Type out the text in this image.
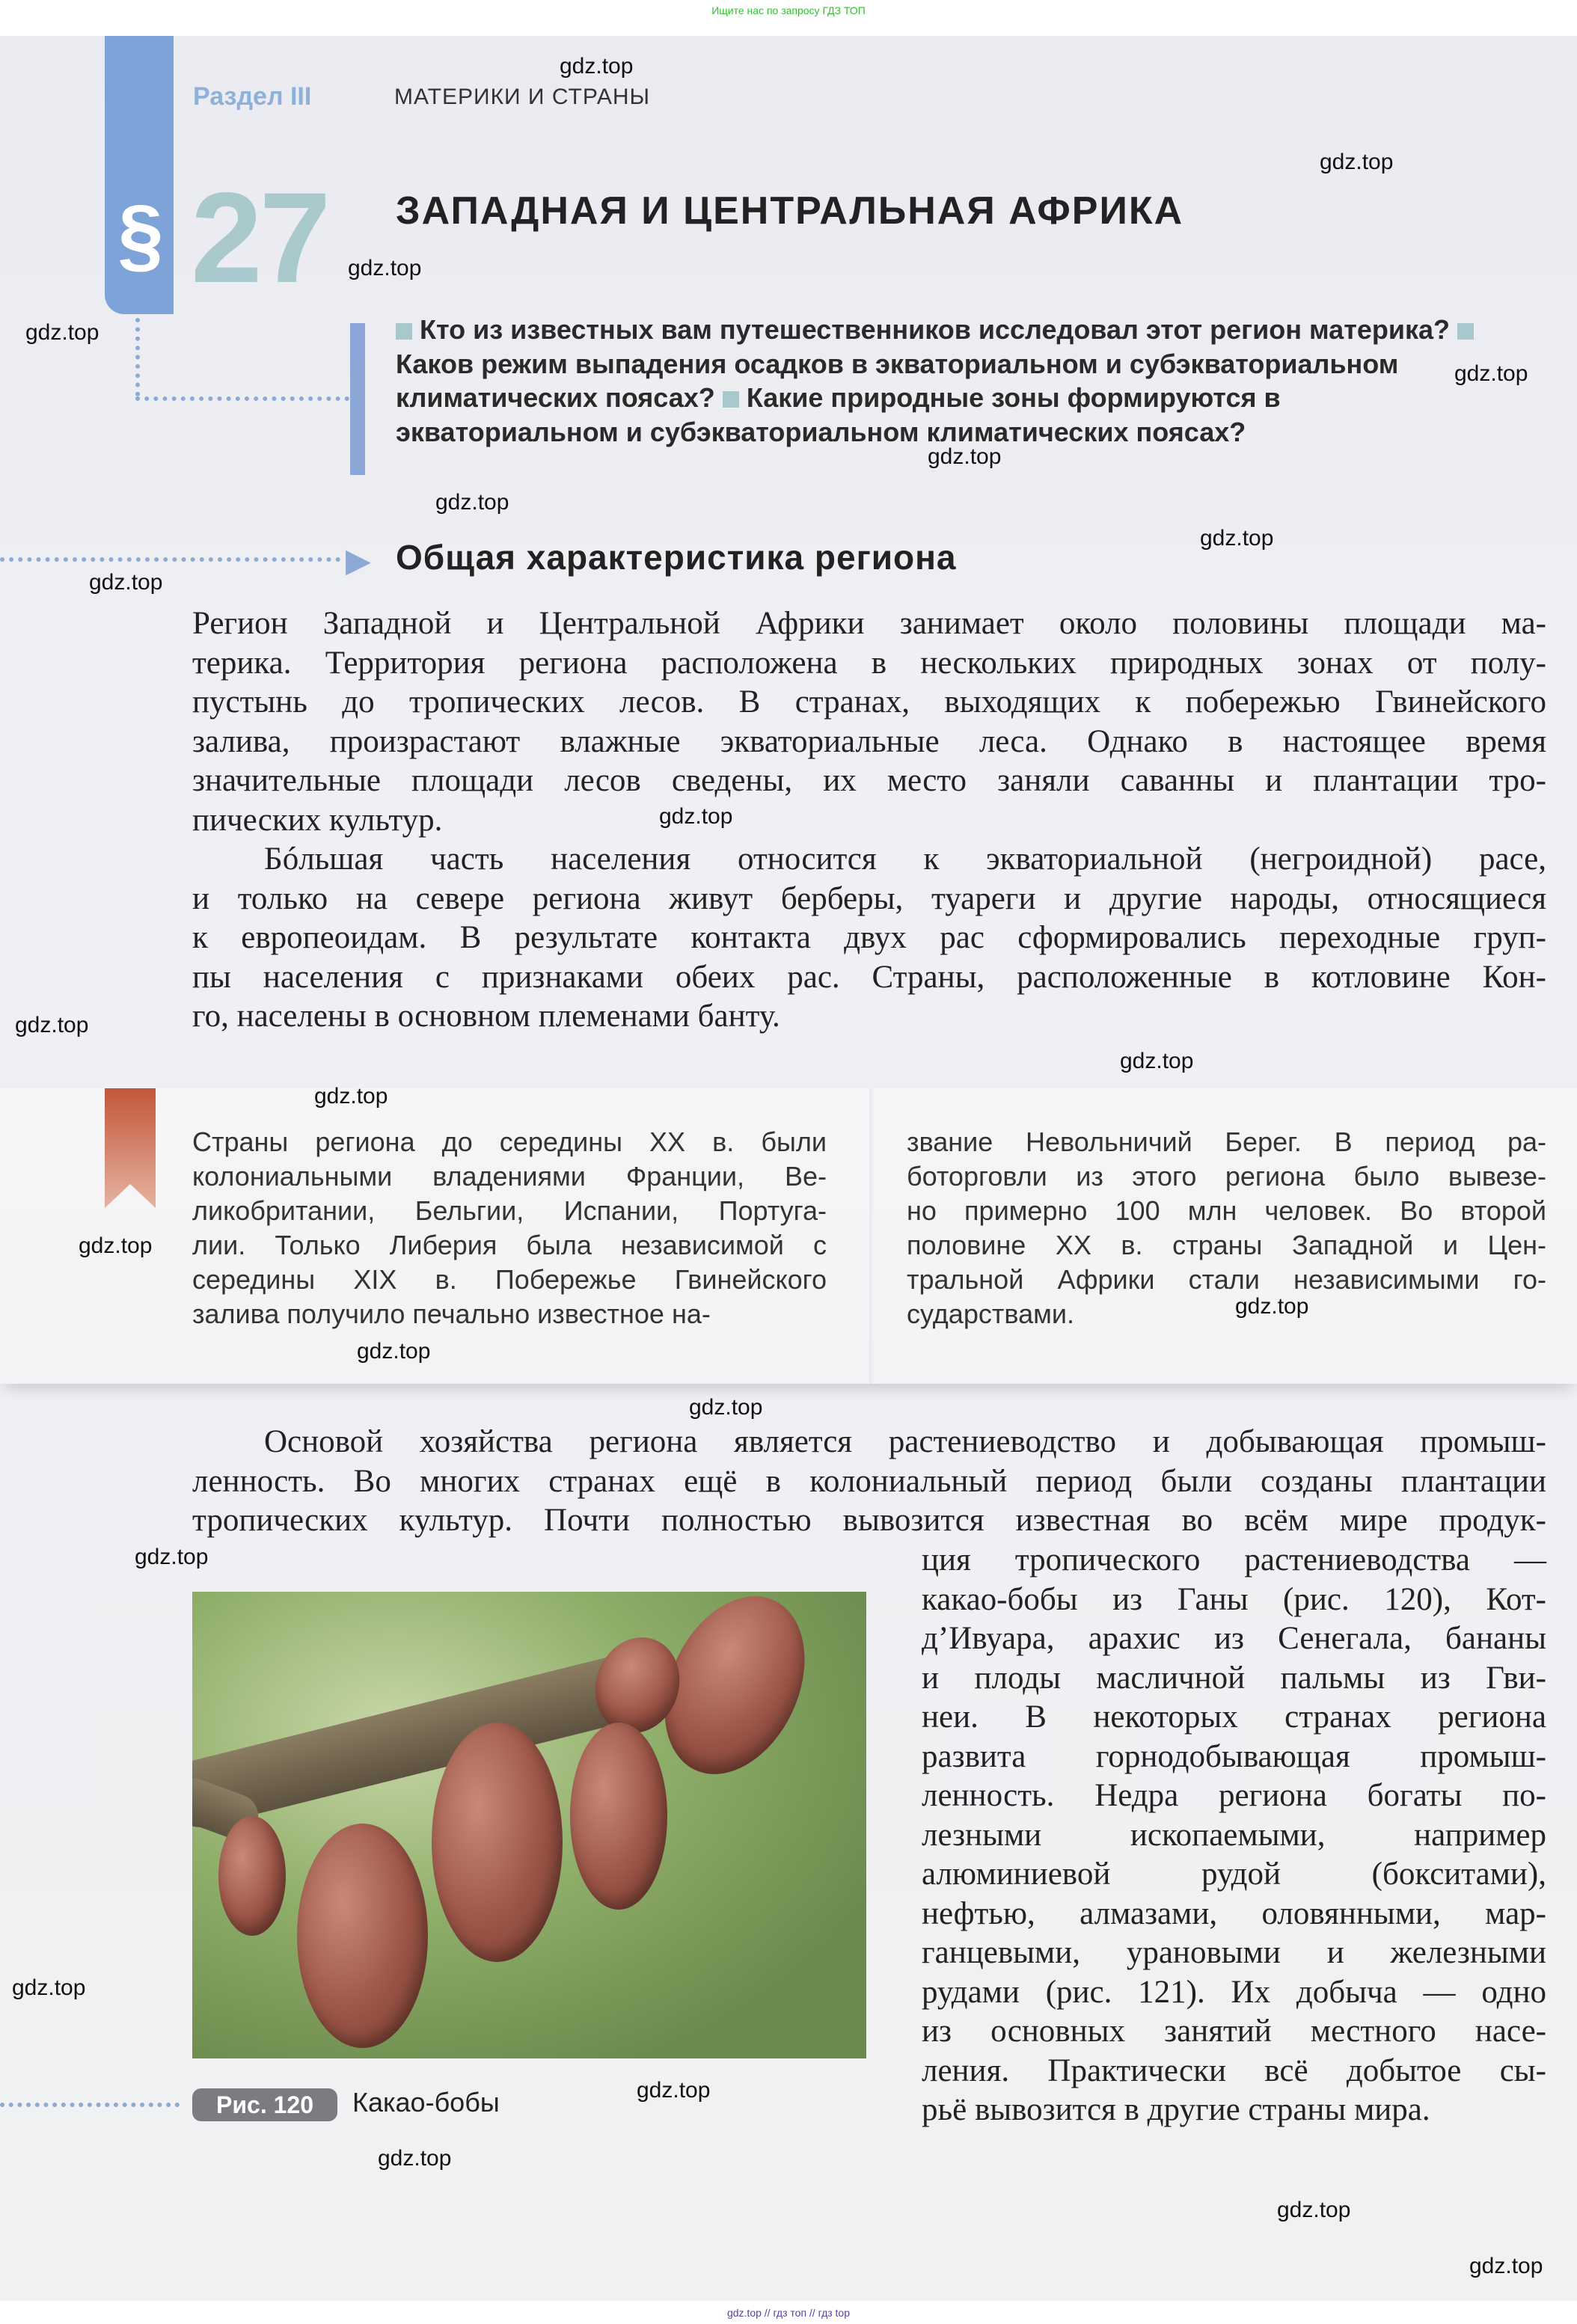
Ищите нас по запросу ГДЗ ТОП
§
Раздел III	МАТЕРИКИ И СТРАНЫ
27 ЗАПАДНАЯ И ЦЕНТРАЛЬНАЯ АФРИКА
Кто из известных вам путешественников исследовал этот регион материка? Каков режим выпадения осадков в экваториальном и субэкваториальном климатических поясах? Какие природные зоны формируются в экваториальном и субэкваториальном климатических поясах?
▶ Общая характеристика региона
Регион Западной и Центральной Африки занимает около половины площади ма-
терика. Территория региона расположена в нескольких природных зонах от полу-
пустынь до тропических лесов. В странах, выходящих к побережью Гвинейского
залива, произрастают влажные экваториальные леса. Однако в настоящее время
значительные площади лесов сведены, их место заняли саванны и плантации тро-
пических культур.
Бóльшая часть населения относится к экваториальной (негроидной) расе,
и только на севере региона живут берберы, туареги и другие народы, относящиеся
к европеоидам. В результате контакта двух рас сформировались переходные груп-
пы населения с признаками обеих рас. Страны, расположенные в котловине Кон-
го, населены в основном племенами банту.
Страны региона до середины XX в. были
колониальными владениями Франции, Ве-
ликобритании, Бельгии, Испании, Португа-
лии. Только Либерия была независимой с
середины XIX в. Побережье Гвинейского
залива получило печально известное на-
звание Невольничий Берег. В период ра-
боторговли из этого региона было вывезе-
но примерно 100 млн человек. Во второй
половине XX в. страны Западной и Цен-
тральной Африки стали независимыми го-
сударствами.
Основой хозяйства региона является растениеводство и добывающая промыш-
ленность. Во многих странах ещё в колониальный период были созданы плантации
тропических культур. Почти полностью вывозится известная во всём мире продук-
ция тропического растениеводства —
какао-бобы из Ганы (рис. 120), Кот-
д’Ивуара, арахис из Сенегала, бананы
и плоды масличной пальмы из Гви-
неи. В некоторых странах региона
развита горнодобывающая промыш-
ленность. Недра региона богаты по-
лезными ископаемыми, например
алюминиевой рудой (бокситами),
нефтью, алмазами, оловянными, мар-
ганцевыми, урановыми и железными
рудами (рис. 121). Их добыча — одно
из основных занятий местного насе-
ления. Практически всё добытое сы-
рьё вывозится в другие страны мира.
Рис. 120	Какао-бобы
gdz.top
gdz.top
gdz.top
gdz.top
gdz.top
gdz.top
gdz.top
gdz.top
gdz.top
gdz.top
gdz.top
gdz.top
gdz.top
gdz.top
gdz.top
gdz.top
gdz.top
gdz.top
gdz.top
gdz.top
gdz.top
gdz.top
gdz.top
gdz.top // гдз топ // гдз top
